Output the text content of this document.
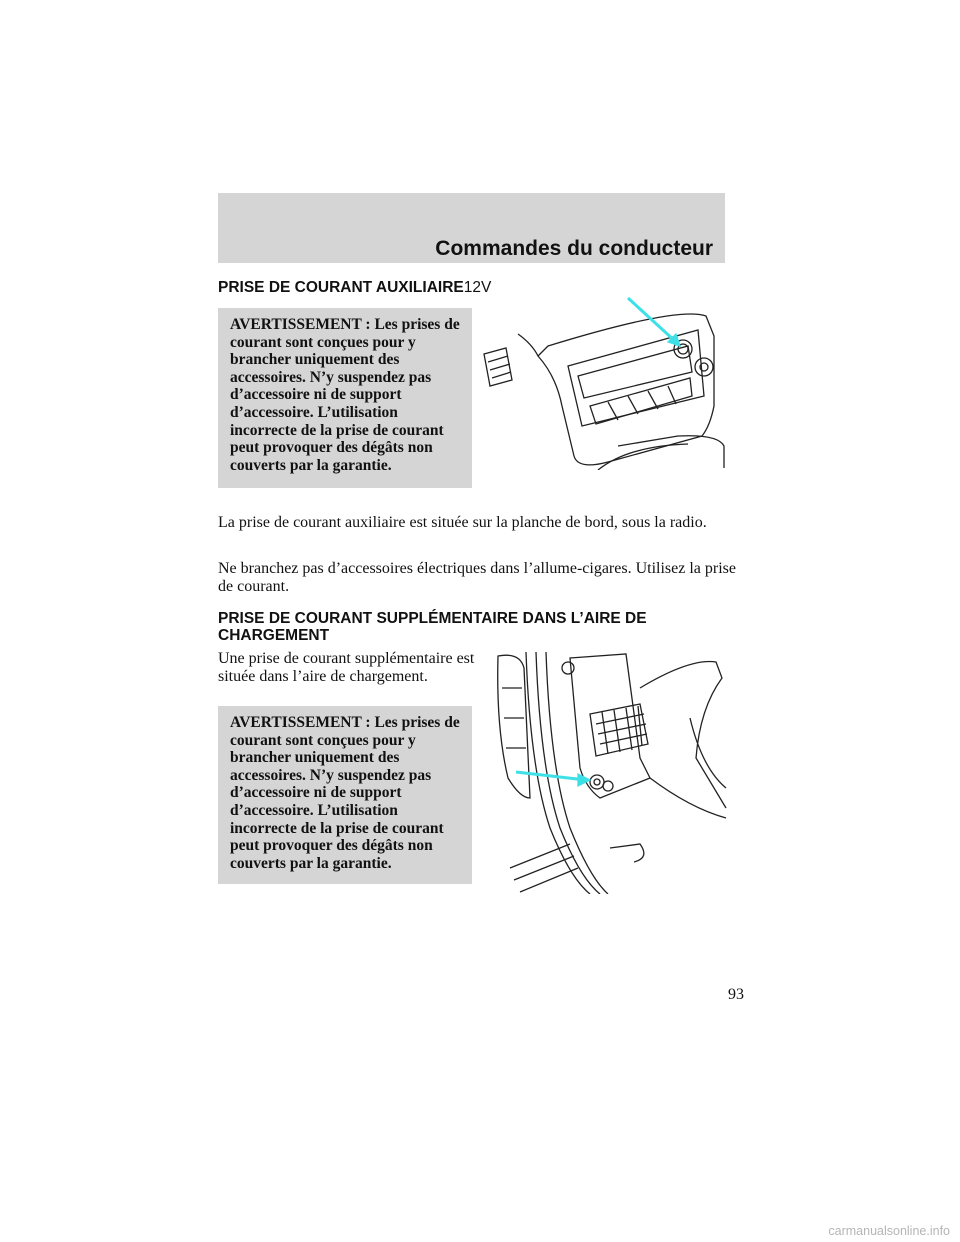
Commandes du conducteur
PRISE DE COURANT AUXILIAIRE12V
AVERTISSEMENT : Les prises de courant sont conçues pour y brancher uniquement des accessoires. N’y suspendez pas d’accessoire ni de support d’accessoire. L’utilisation incorrecte de la prise de courant peut provoquer des dégâts non couverts par la garantie.
La prise de courant auxiliaire est située sur la planche de bord, sous la radio.
Ne branchez pas d’accessoires électriques dans l’allume-cigares. Utilisez la prise de courant.
PRISE DE COURANT SUPPLÉMENTAIRE DANS L’AIRE DE CHARGEMENT
Une prise de courant supplémentaire est située dans l’aire de chargement.
AVERTISSEMENT : Les prises de courant sont conçues pour y brancher uniquement des accessoires. N’y suspendez pas d’accessoire ni de support d’accessoire. L’utilisation incorrecte de la prise de courant peut provoquer des dégâts non couverts par la garantie.
93
carmanualsonline.info
